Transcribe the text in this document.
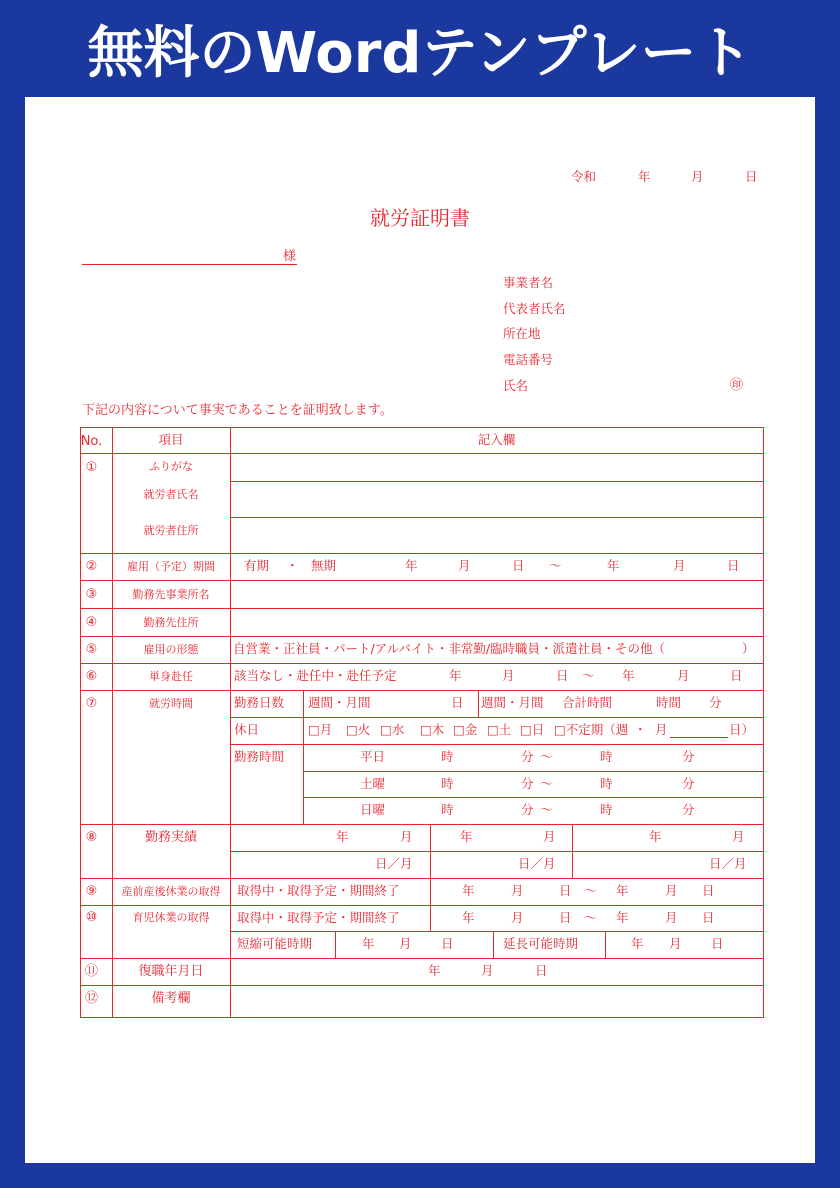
無料のWordテンプレート
令和	年	月	日
就労証明書
様
事業者名
代表者氏名
所在地
電話番号
氏名	㊞
下記の内容について事実であることを証明致します。
No.	項目	記入欄
①	ふりがな
就労者氏名
就労者住所
②	雇用（予定）期間	有期 ・ 無期	年	月	日 ～	年	月	日
③	勤務先事業所名
④	勤務先住所
⑤	雇用の形態	自営業・正社員・パート/アルバイト・非常勤/臨時職員・派遣社員・その他（	）
⑥	単身赴任	該当なし・赴任中・赴任予定	年	月	日 ～ 年	月	日
⑦	就労時間	勤務日数 週間・月間	日 週間・月間 合計時間	時間 分
休日	□月 □火 □水 □木 □金 □土 □日 □不定期（週 ・ 月	日）
勤務時間	平日	時	分 ～	時	分
土曜	時	分 ～	時	分
日曜	時	分 ～	時	分
⑧	勤務実績	年	月	年	月	年	月
日／月	日／月	日／月
⑨	産前産後休業の取得	取得中・取得予定・期間終了	年	月	日 ～ 年	月 日
⑩	育児休業の取得	取得中・取得予定・期間終了	年	月	日 ～ 年	月 日
短縮可能時期	年 月 日	延長可能時期	年 月 日
⑪	復職年月日	年	月	日
⑫	備考欄
